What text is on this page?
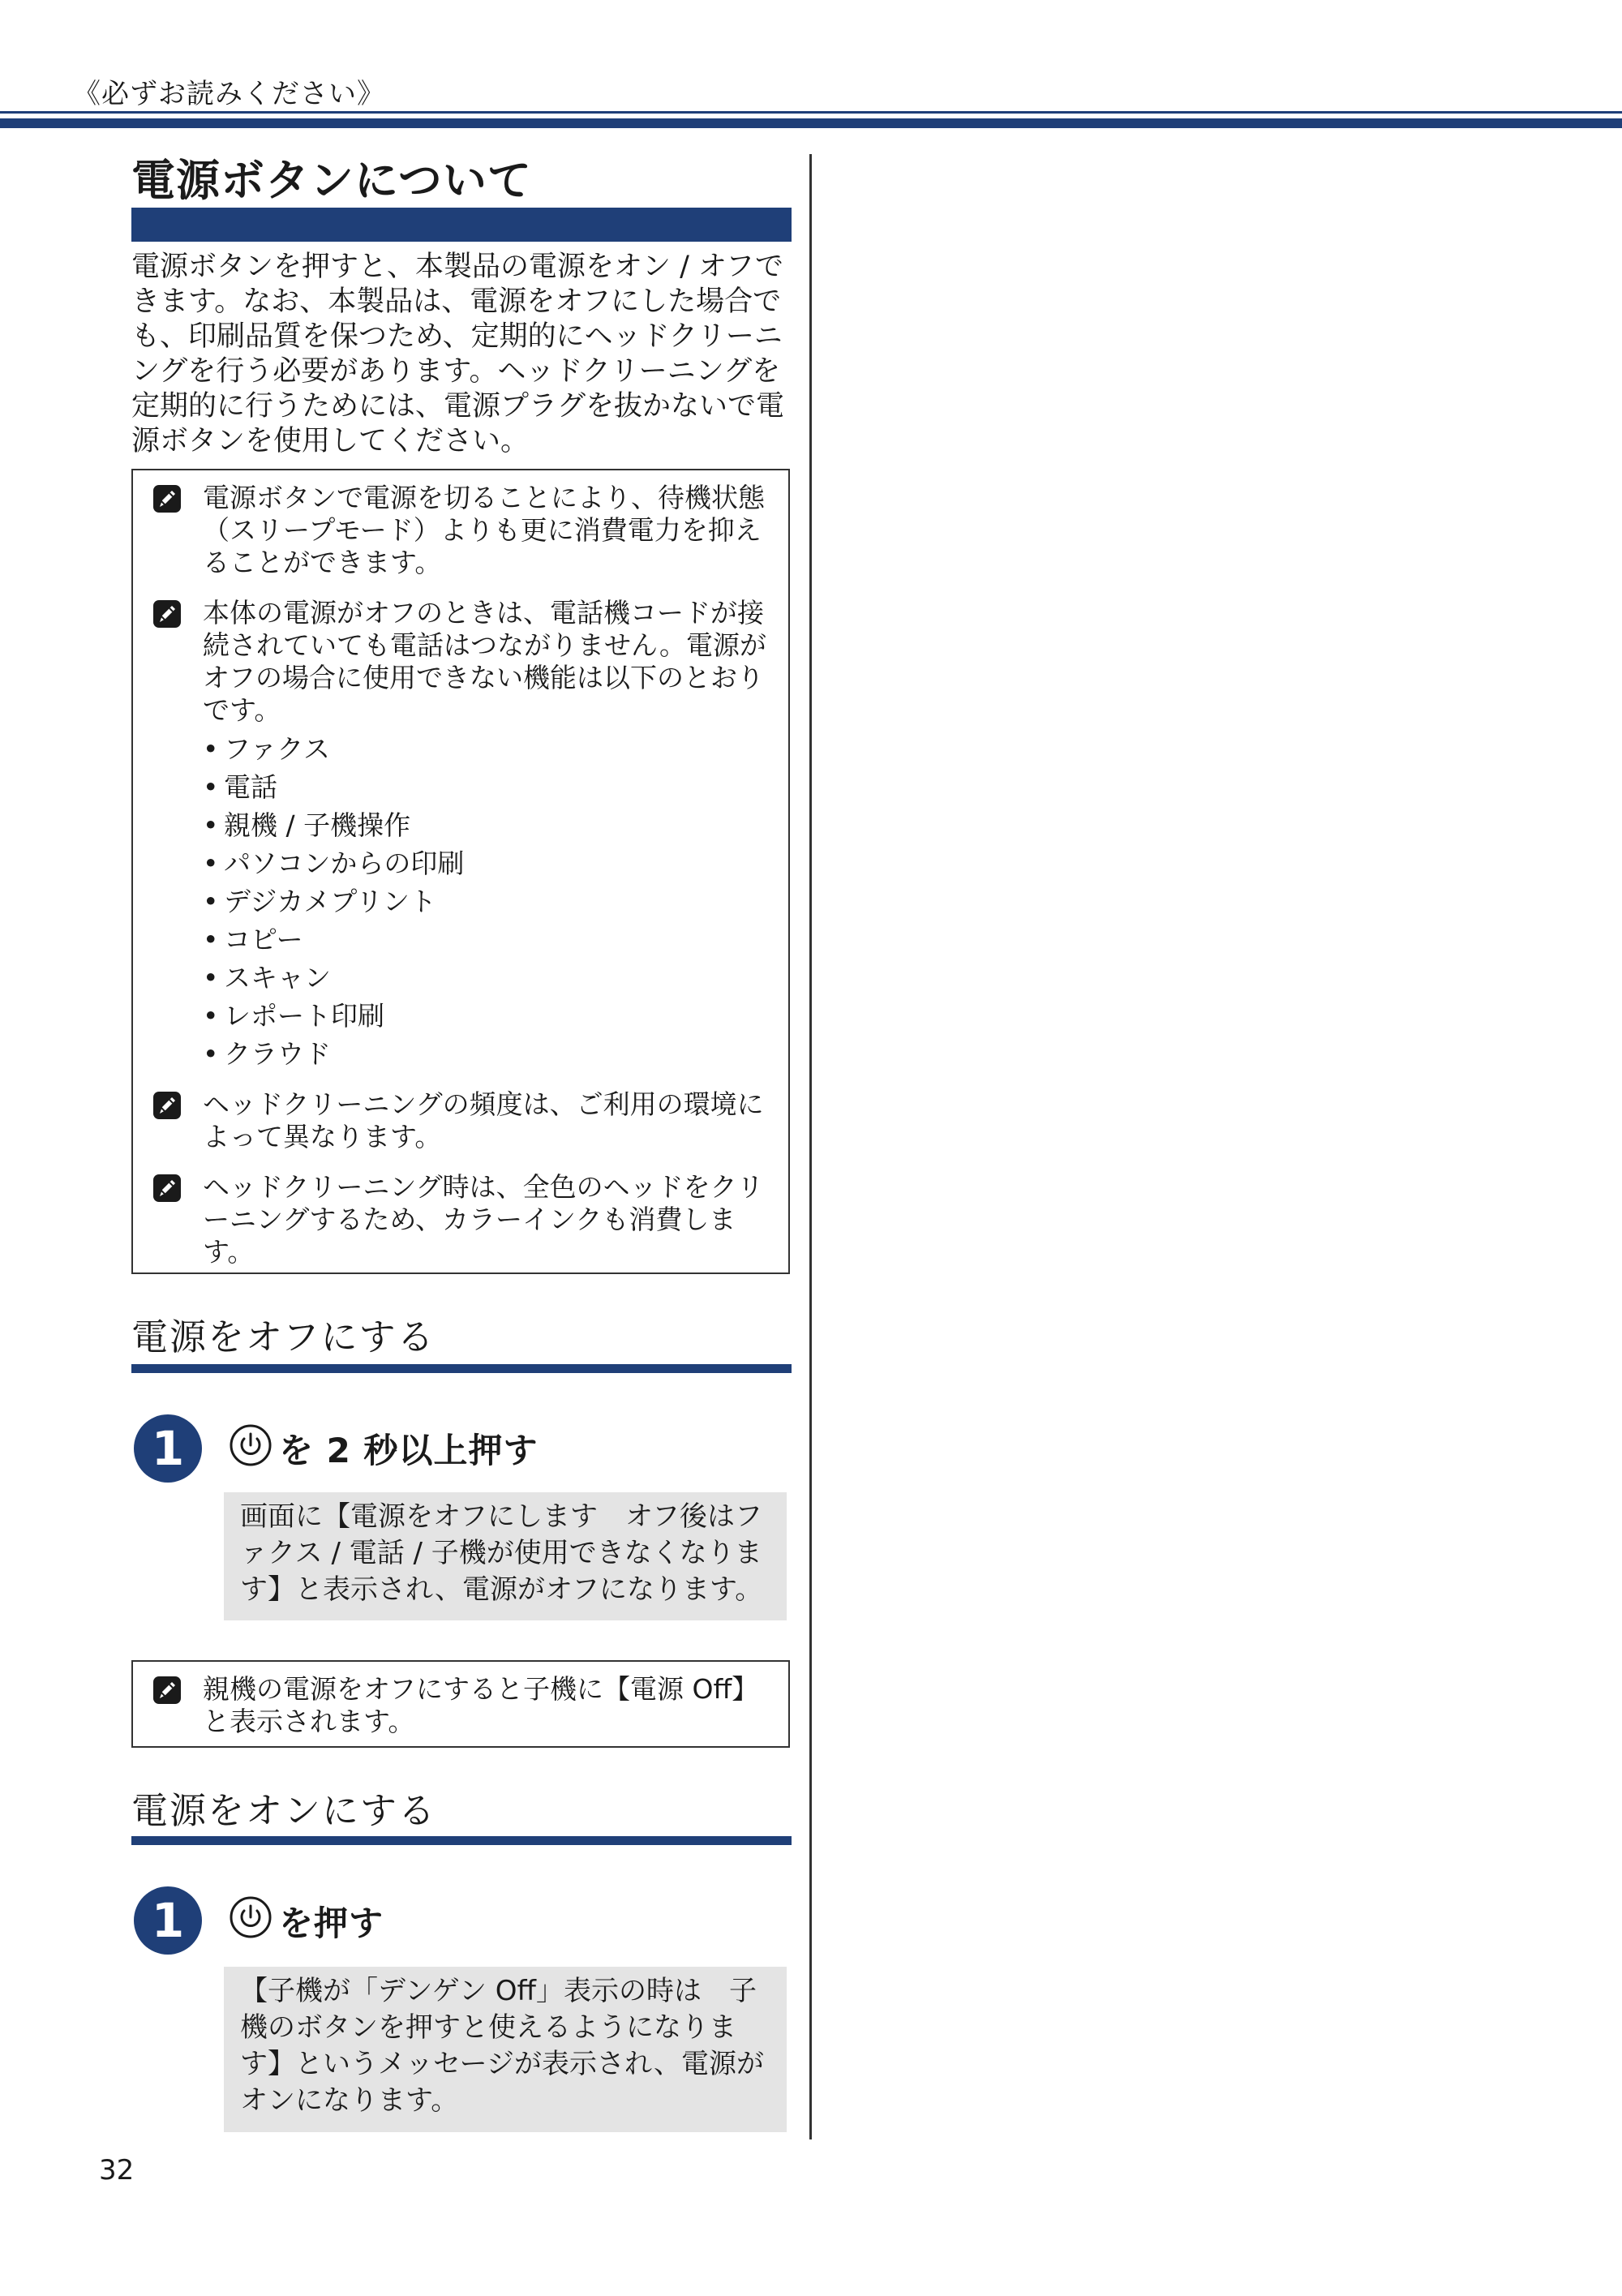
《必ずお読みください》
電源ボタンについて

電源ボタンを押すと、本製品の電源をオン / オフできます。なお、本製品は、電源をオフにした場合でも、印刷品質を保つため、定期的にヘッドクリーニングを行う必要があります。ヘッドクリーニングを定期的に行うためには、電源プラグを抜かないで電源ボタンを使用してください。

電源ボタンで電源を切ることにより、待機状態（スリープモード）よりも更に消費電力を抑えることができます。
本体の電源がオフのときは、電話機コードが接続されていても電話はつながりません。電源がオフの場合に使用できない機能は以下のとおりです。
• ファクス
• 電話
• 親機 / 子機操作
• パソコンからの印刷
• デジカメプリント
• コピー
• スキャン
• レポート印刷
• クラウド
ヘッドクリーニングの頻度は、ご利用の環境によって異なります。
ヘッドクリーニング時は、全色のヘッドをクリーニングするため、カラーインクも消費します。
電源をオフにする
1	を 2 秒以上押す

画面に【電源をオフにします　オフ後はファクス / 電話 / 子機が使用できなくなります】と表示され、電源がオフになります。

親機の電源をオフにすると子機に【電源 Off】と表示されます。
電源をオンにする
1	を押す

【子機が「デンゲン Off」表示の時は　子機のボタンを押すと使えるようになります】というメッセージが表示され、電源がオンになります。

32
